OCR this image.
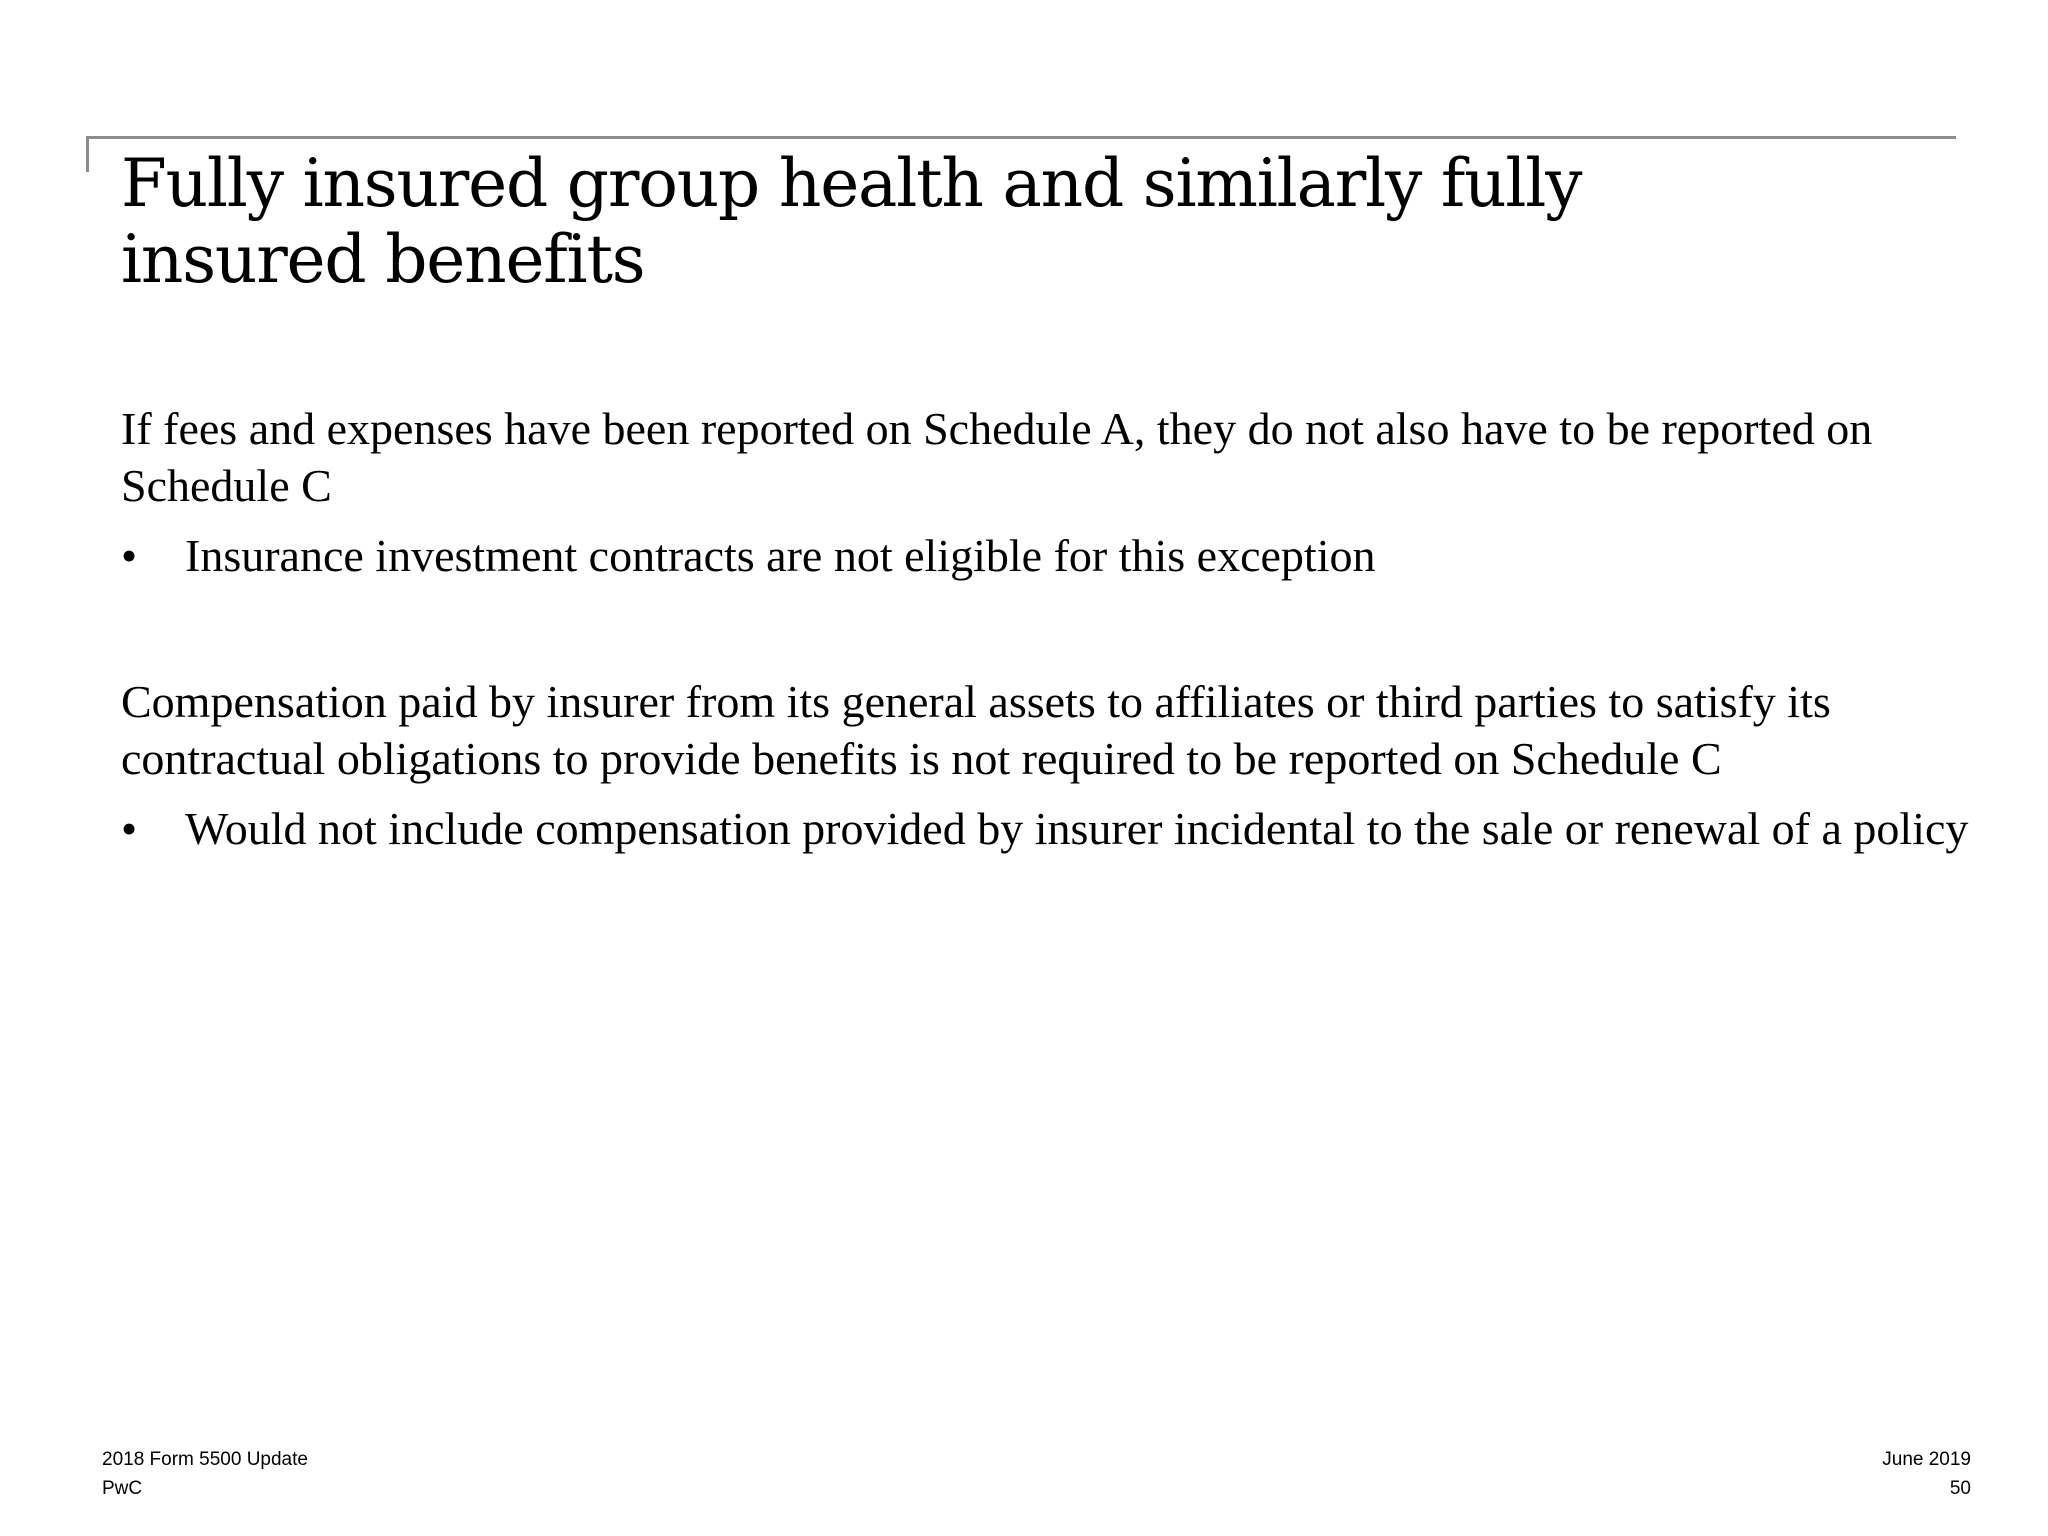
Fully insured group health and similarly fully insured benefits

If fees and expenses have been reported on Schedule A, they do not also have to be reported on Schedule C

•	Insurance investment contracts are not eligible for this exception

Compensation paid by insurer from its general assets to affiliates or third parties to satisfy its contractual obligations to provide benefits is not required to be reported on Schedule C

•	Would not include compensation provided by insurer incidental to the sale or renewal of a policy
2018 Form 5500 Update
PwC
June 2019
50
